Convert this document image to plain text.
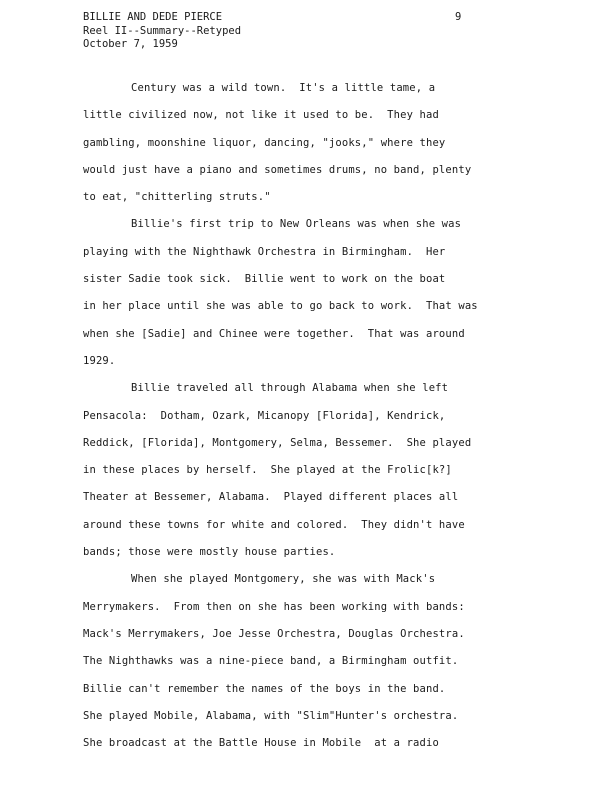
BILLIE AND DEDE PIERCE
Reel II--Summary--Retyped
October 7, 1959
9
Century was a wild town.  It's a little tame, a
little civilized now, not like it used to be.  They had
gambling, moonshine liquor, dancing, "jooks," where they
would just have a piano and sometimes drums, no band, plenty
to eat, "chitterling struts."
Billie's first trip to New Orleans was when she was
playing with the Nighthawk Orchestra in Birmingham.  Her
sister Sadie took sick.  Billie went to work on the boat
in her place until she was able to go back to work.  That was
when she [Sadie] and Chinee were together.  That was around
1929.
Billie traveled all through Alabama when she left
Pensacola:  Dotham, Ozark, Micanopy [Florida], Kendrick,
Reddick, [Florida], Montgomery, Selma, Bessemer.  She played
in these places by herself.  She played at the Frolic[k?]
Theater at Bessemer, Alabama.  Played different places all
around these towns for white and colored.  They didn't have
bands; those were mostly house parties.
When she played Montgomery, she was with Mack's
Merrymakers.  From then on she has been working with bands:
Mack's Merrymakers, Joe Jesse Orchestra, Douglas Orchestra.
The Nighthawks was a nine-piece band, a Birmingham outfit.
Billie can't remember the names of the boys in the band.
She played Mobile, Alabama, with "Slim"Hunter's orchestra.
She broadcast at the Battle House in Mobile  at a radio
